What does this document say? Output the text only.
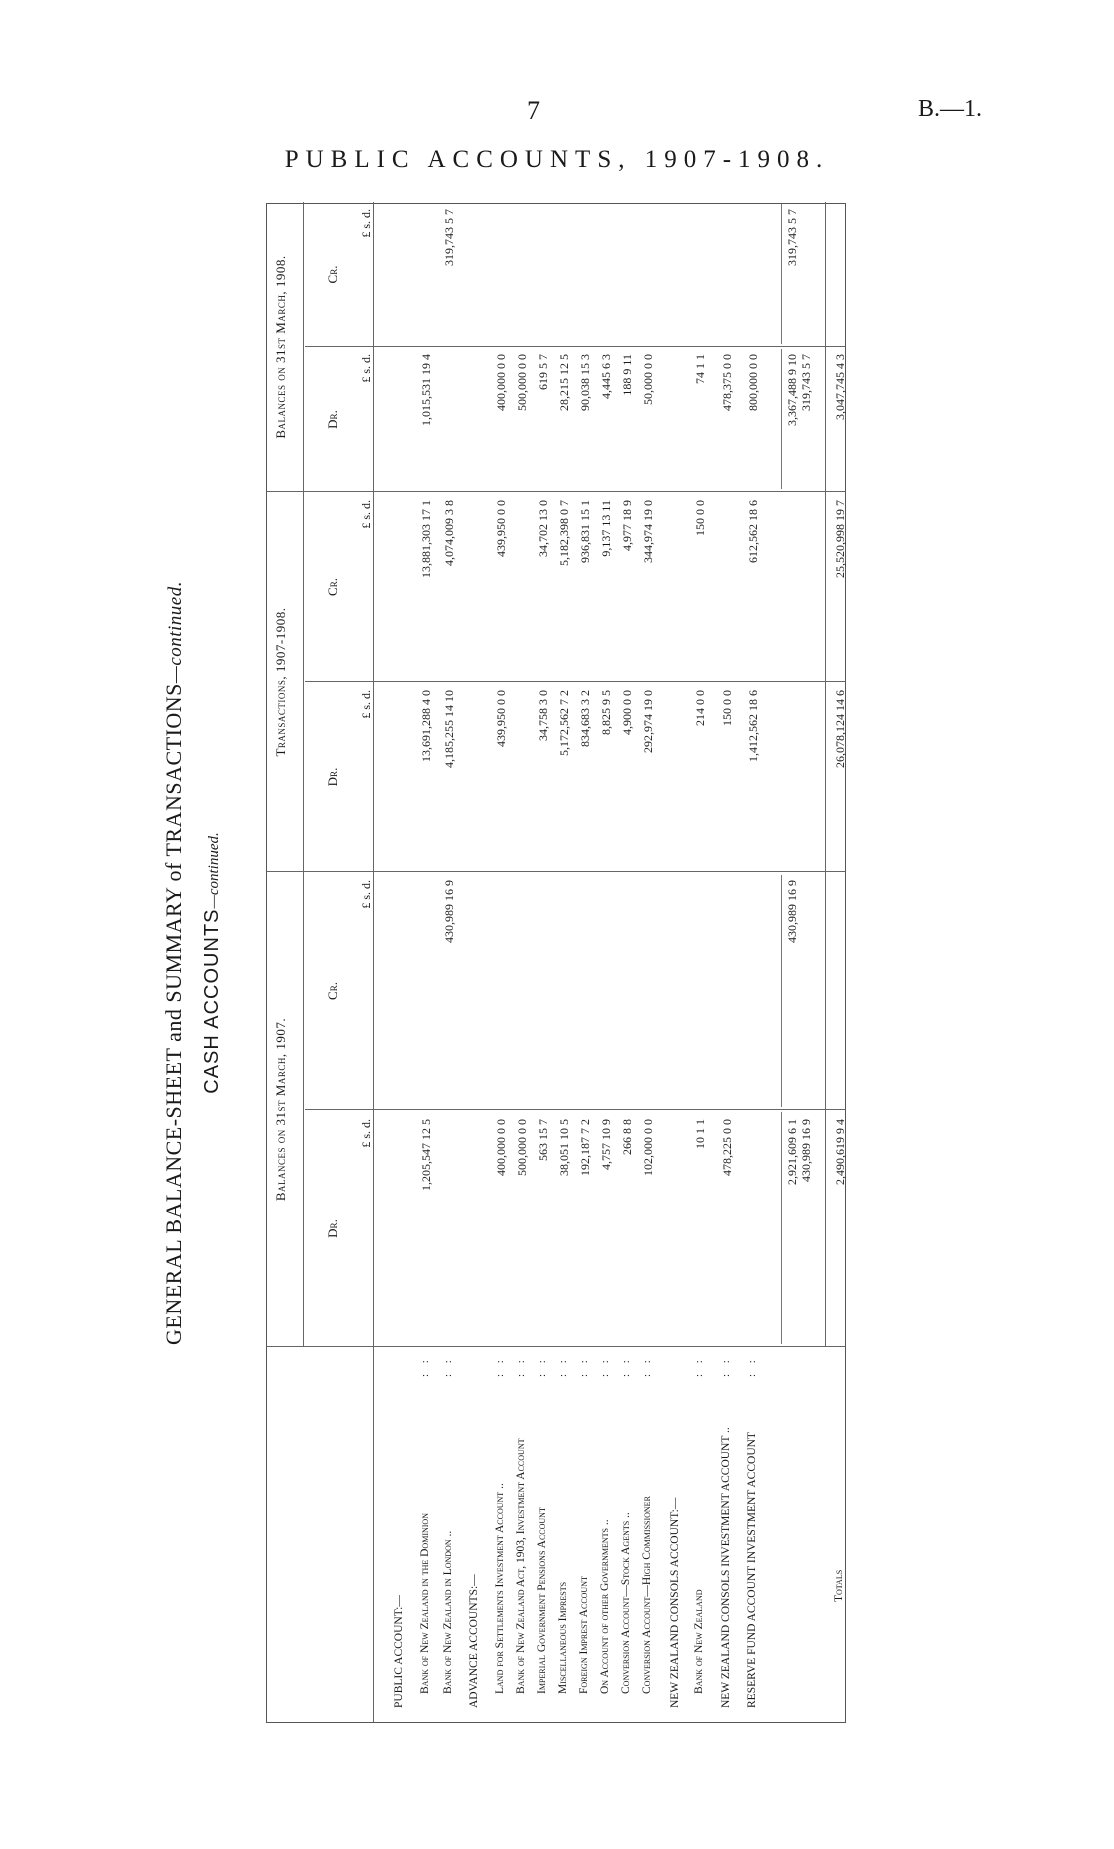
7	B.—1.
PUBLIC ACCOUNTS, 1907-1908.
GENERAL BALANCE-SHEET and SUMMARY of TRANSACTIONS—continued.
CASH ACCOUNTS—continued.
Balances on 31st March, 1907.
Transactions, 1907-1908.
Balances on 31st March, 1908.
Dr.
Cr.
Dr.
Cr.
Dr.
Cr.
£ s. d.
£ s. d.
£ s. d.
£ s. d.
£ s. d.
£ s. d.
PUBLIC ACCOUNT:— Bank of New Zealand in the Dominion
: :
1,205,547 12 5
13,691,288 4 0
13,881,303 17 1
1,015,531 19 4
Bank of New Zealand in London ..
: :
430,989 16 9
4,185,255 14 10
4,074,009 3 8
319,743 5 7
ADVANCE ACCOUNTS:— Land for Settlements Investment Account ..
: :
400,000 0 0
439,950 0 0
439,950 0 0
400,000 0 0
Bank of New Zealand Act, 1903, Investment Account
: :
500,000 0 0
500,000 0 0
Imperial Government Pensions Account
: :
563 15 7
34,758 3 0
34,702 13 0
619 5 7
Miscellaneous Imprests
: :
38,051 10 5
5,172,562 7 2
5,182,398 0 7
28,215 12 5
Foreign Imprest Account
: :
192,187 7 2
834,683 3 2
936,831 15 1
90,038 15 3
On Account of other Governments ..
: :
4,757 10 9
8,825 9 5
9,137 13 11
4,445 6 3
Conversion Account—Stock Agents ..
: :
266 8 8
4,900 0 0
4,977 18 9
188 9 11
Conversion Account—High Commissioner
: :
102,000 0 0
292,974 19 0
344,974 19 0
50,000 0 0
NEW ZEALAND CONSOLS ACCOUNT:— Bank of New Zealand
: :
10 1 1
214 0 0
150 0 0
74 1 1
NEW ZEALAND CONSOLS INVESTMENT ACCOUNT ..
: :
478,225 0 0
150 0 0
478,375 0 0
RESERVE FUND ACCOUNT INVESTMENT ACCOUNT
: :
1,412,562 18 6
612,562 18 6
800,000 0 0
2,921,609 6 1
430,989 16 9
3,367,488 9 10
319,743 5 7
430,989 16 9
319,743 5 7
Totals
2,490,619 9 4
26,078,124 14 6
25,520,998 19 7
3,047,745 4 3
